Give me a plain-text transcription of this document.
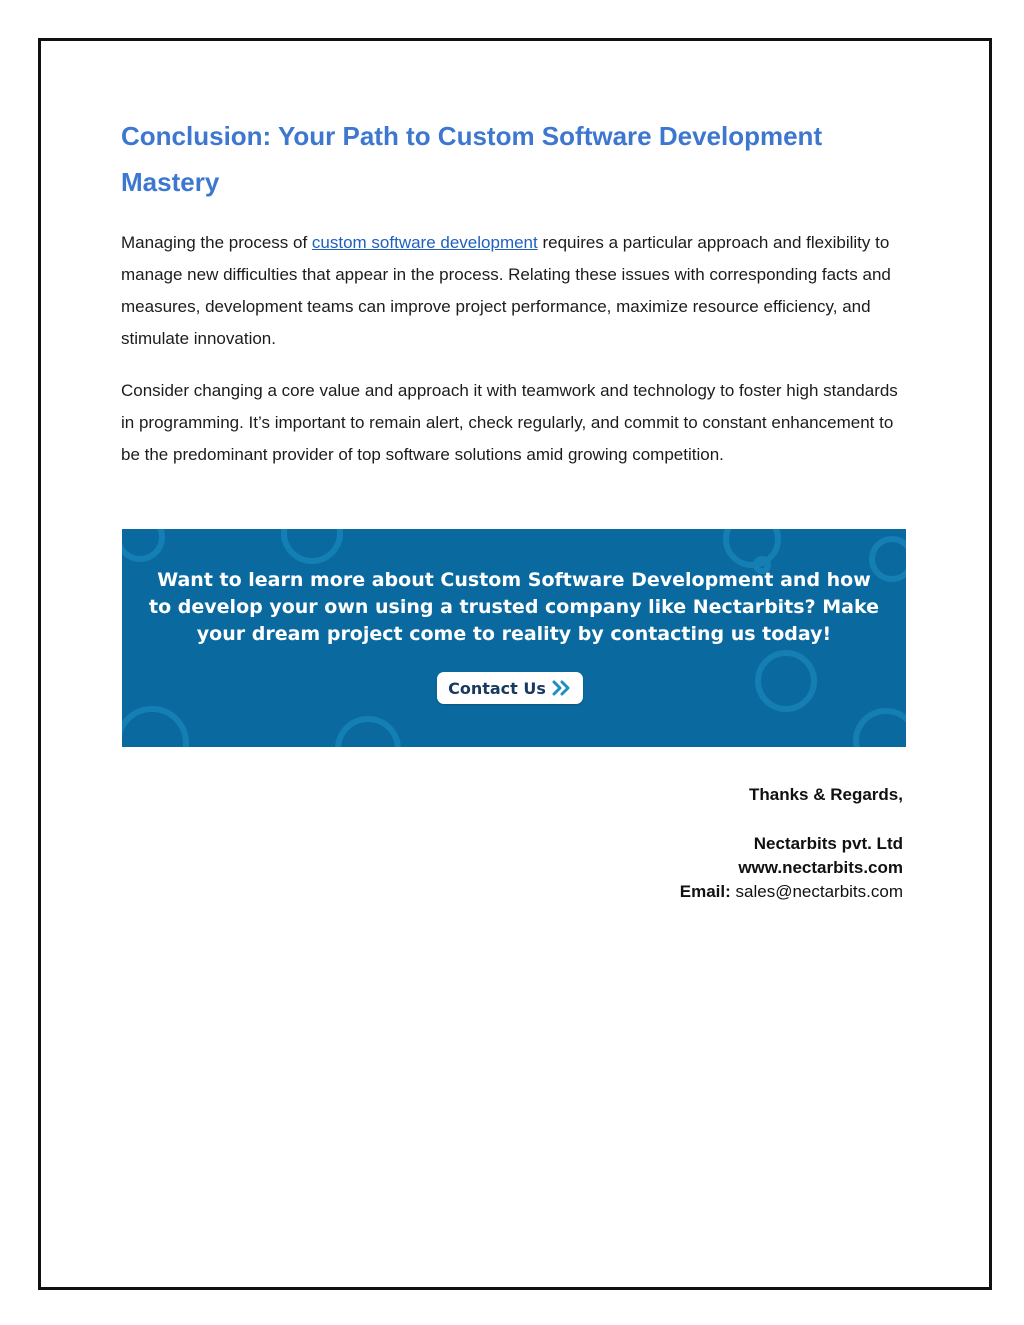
Conclusion: Your Path to Custom Software Development Mastery

Managing the process of custom software development requires a particular approach and flexibility to manage new difficulties that appear in the process. Relating these issues with corresponding facts and measures, development teams can improve project performance, maximize resource efficiency, and stimulate innovation.

Consider changing a core value and approach it with teamwork and technology to foster high standards in programming. It’s important to remain alert, check regularly, and commit to constant enhancement to be the predominant provider of top software solutions amid growing competition.

Want to learn more about Custom Software Development and how to develop your own using a trusted company like Nectarbits? Make your dream project come to reality by contacting us today!

Contact Us
Thanks & Regards,
Nectarbits pvt. Ltd
www.nectarbits.com
Email: sales@nectarbits.com
